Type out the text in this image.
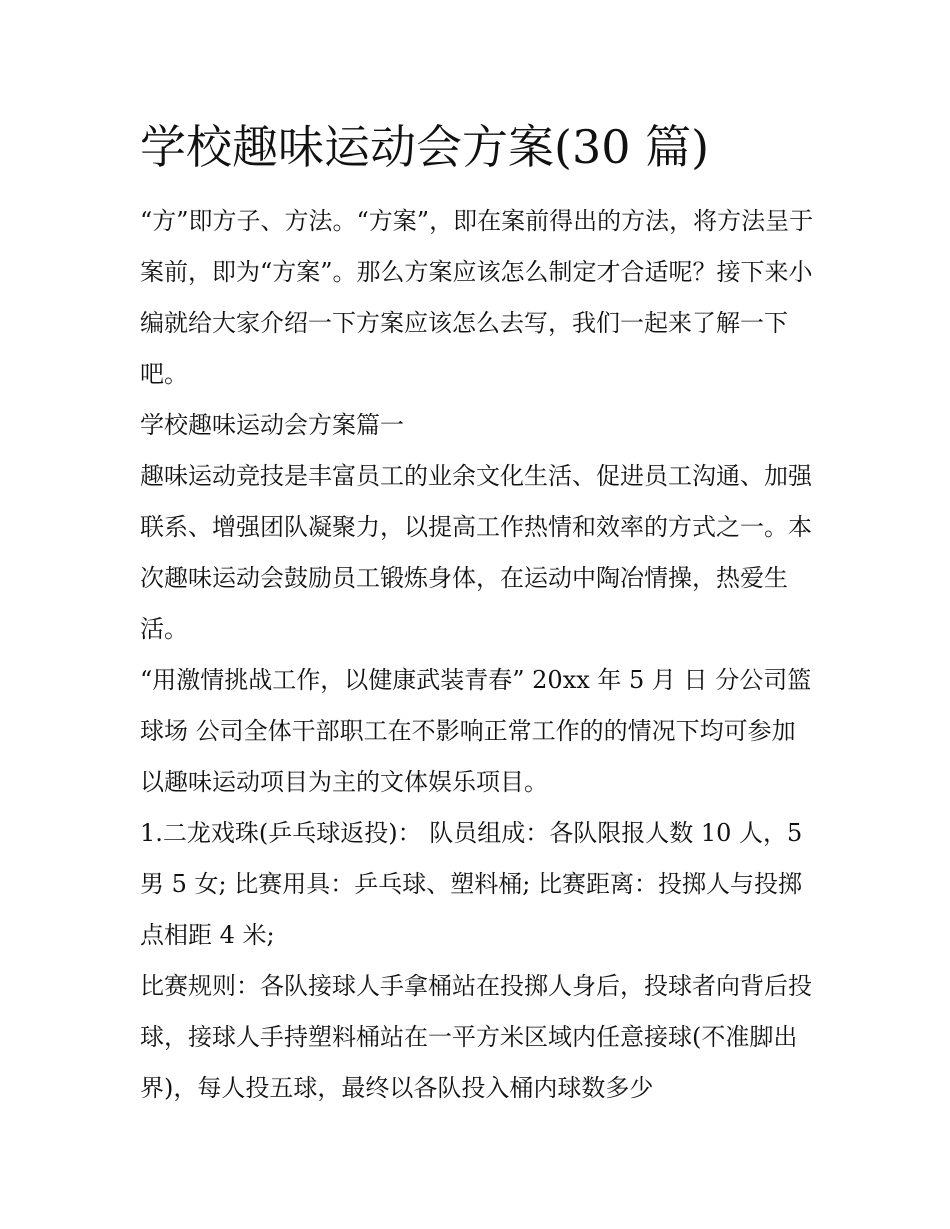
学校趣味运动会方案(30 篇)

“方”即方子、方法。“方案”，即在案前得出的方法，将方法呈于案前，即为“方案”。那么方案应该怎么制定才合适呢？接下来小编就给大家介绍一下方案应该怎么去写，我们一起来了解一下吧。

学校趣味运动会方案篇一

趣味运动竞技是丰富员工的业余文化生活、促进员工沟通、加强联系、增强团队凝聚力，以提高工作热情和效率的方式之一。本次趣味运动会鼓励员工锻炼身体，在运动中陶冶情操，热爱生活。

“用激情挑战工作，以健康武装青春” 20xx 年 5 月 日 分公司篮球场 公司全体干部职工在不影响正常工作的的情况下均可参加 以趣味运动项目为主的文体娱乐项目。

1.二龙戏珠(乒乓球返投)： 队员组成：各队限报人数 10 人，5男 5 女; 比赛用具：乒乓球、塑料桶; 比赛距离：投掷人与投掷点相距 4 米;

比赛规则：各队接球人手拿桶站在投掷人身后，投球者向背后投球，接球人手持塑料桶站在一平方米区域内任意接球(不准脚出界)，每人投五球，最终以各队投入桶内球数多少
